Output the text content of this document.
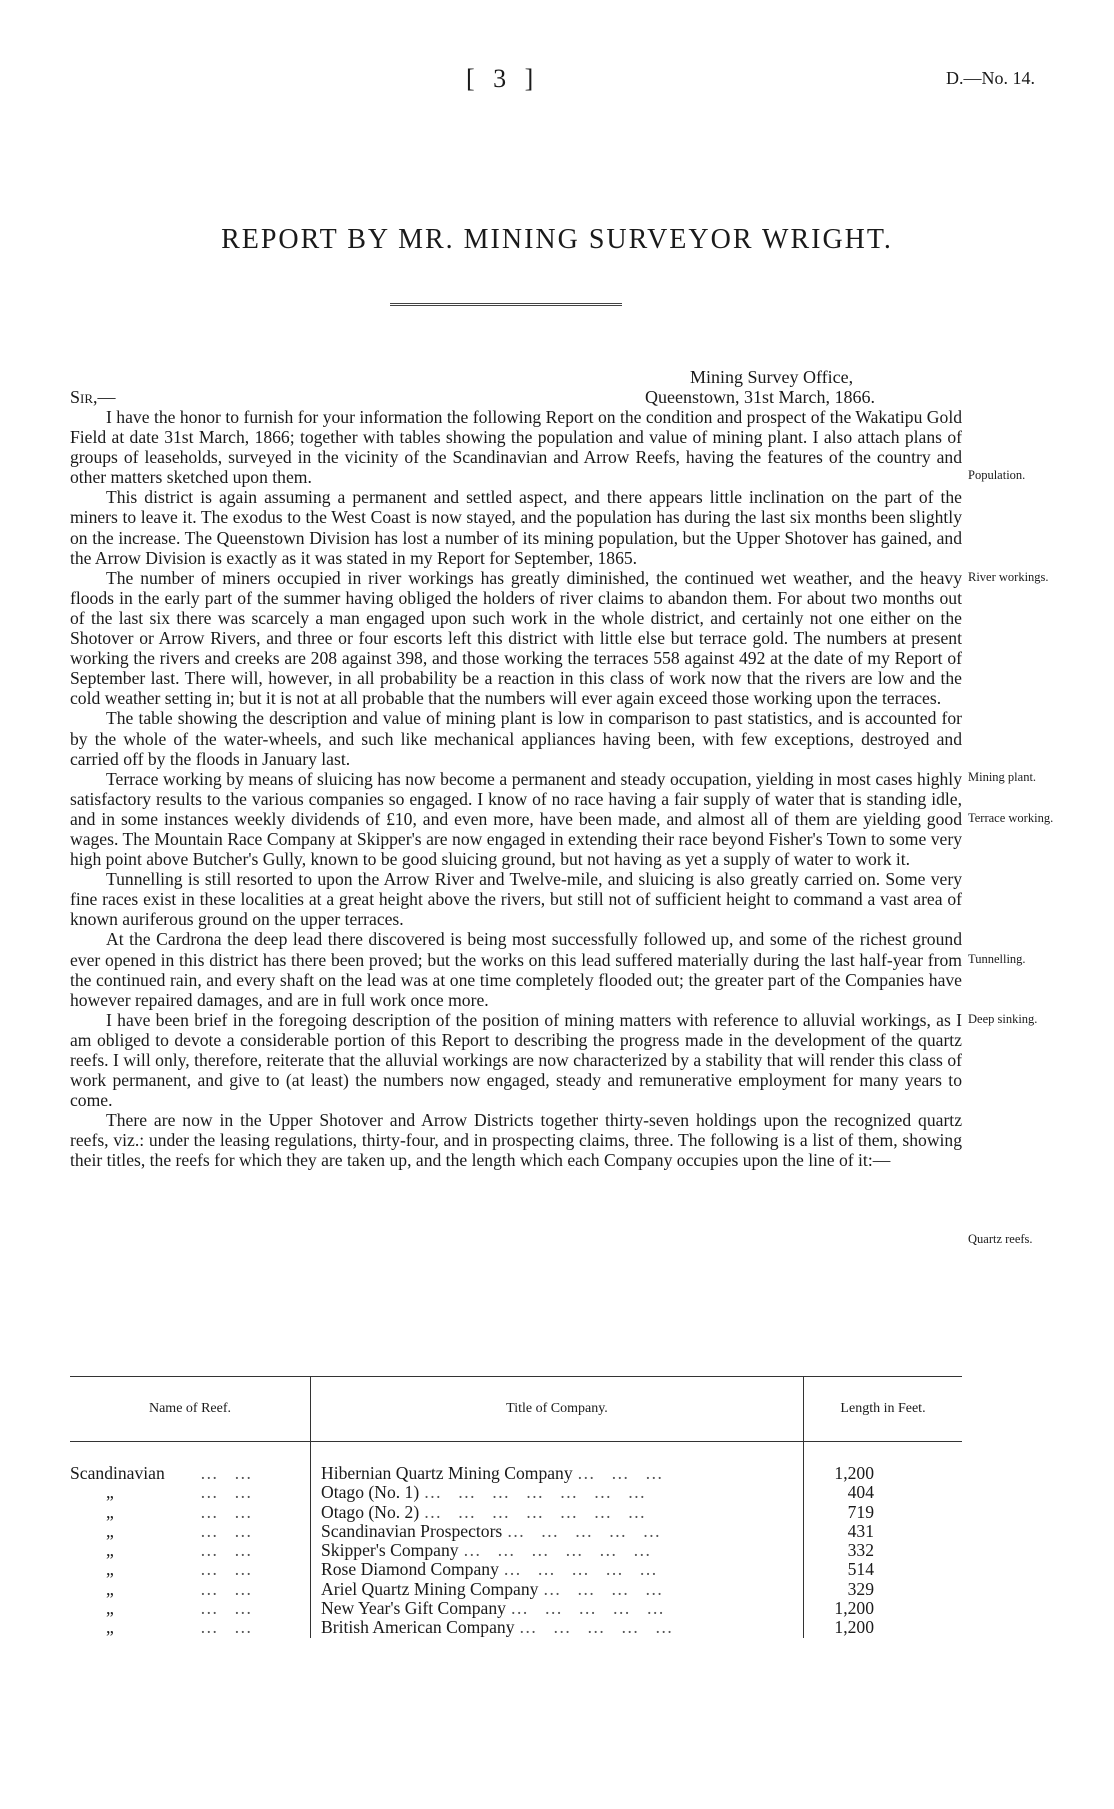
[ 3 ]	D.—No. 14.
REPORT BY MR. MINING SURVEYOR WRIGHT.
Mining Survey Office,
Queenstown, 31st March, 1866.
Sir,—

I have the honor to furnish for your information the following Report on the condition and prospect of the Wakatipu Gold Field at date 31st March, 1866; together with tables showing the population and value of mining plant. I also attach plans of groups of leaseholds, surveyed in the vicinity of the Scandinavian and Arrow Reefs, having the features of the country and other matters sketched upon them.

This district is again assuming a permanent and settled aspect, and there appears little inclination on the part of the miners to leave it. The exodus to the West Coast is now stayed, and the population has during the last six months been slightly on the increase. The Queenstown Division has lost a number of its mining population, but the Upper Shotover has gained, and the Arrow Division is exactly as it was stated in my Report for September, 1865.

The number of miners occupied in river workings has greatly diminished, the continued wet weather, and the heavy floods in the early part of the summer having obliged the holders of river claims to abandon them. For about two months out of the last six there was scarcely a man engaged upon such work in the whole district, and certainly not one either on the Shotover or Arrow Rivers, and three or four escorts left this district with little else but terrace gold. The numbers at present working the rivers and creeks are 208 against 398, and those working the terraces 558 against 492 at the date of my Report of September last. There will, however, in all probability be a reaction in this class of work now that the rivers are low and the cold weather setting in; but it is not at all probable that the numbers will ever again exceed those working upon the terraces.

The table showing the description and value of mining plant is low in comparison to past statistics, and is accounted for by the whole of the water-wheels, and such like mechanical appliances having been, with few exceptions, destroyed and carried off by the floods in January last.

Terrace working by means of sluicing has now become a permanent and steady occupation, yielding in most cases highly satisfactory results to the various companies so engaged. I know of no race having a fair supply of water that is standing idle, and in some instances weekly dividends of £10, and even more, have been made, and almost all of them are yielding good wages. The Mountain Race Company at Skipper's are now engaged in extending their race beyond Fisher's Town to some very high point above Butcher's Gully, known to be good sluicing ground, but not having as yet a supply of water to work it.

Tunnelling is still resorted to upon the Arrow River and Twelve-mile, and sluicing is also greatly carried on. Some very fine races exist in these localities at a great height above the rivers, but still not of sufficient height to command a vast area of known auriferous ground on the upper terraces.

At the Cardrona the deep lead there discovered is being most successfully followed up, and some of the richest ground ever opened in this district has there been proved; but the works on this lead suffered materially during the last half-year from the continued rain, and every shaft on the lead was at one time completely flooded out; the greater part of the Companies have however repaired damages, and are in full work once more.

I have been brief in the foregoing description of the position of mining matters with reference to alluvial workings, as I am obliged to devote a considerable portion of this Report to describing the progress made in the development of the quartz reefs. I will only, therefore, reiterate that the alluvial workings are now characterized by a stability that will render this class of work permanent, and give to (at least) the numbers now engaged, steady and remunerative employment for many years to come.

There are now in the Upper Shotover and Arrow Districts together thirty-seven holdings upon the recognized quartz reefs, viz.: under the leasing regulations, thirty-four, and in prospecting claims, three. The following is a list of them, showing their titles, the reefs for which they are taken up, and the length which each Company occupies upon the line of it:—

Population.
River workings.
Mining plant.
Terrace working.
Tunnelling.
Deep sinking.
Quartz reefs.
Name of Reef.	Title of Company.	Length in Feet.
Scandinavian … …	Hibernian Quartz Mining Company … … …	1,200
„ … …	Otago (No. 1) … … … … … … …	404
„ … …	Otago (No. 2) … … … … … … …	719
„ … …	Scandinavian Prospectors … … … … …	431
„ … …	Skipper's Company … … … … … …	332
„ … …	Rose Diamond Company … … … … …	514
„ … …	Ariel Quartz Mining Company … … … …	329
„ … …	New Year's Gift Company … … … … …	1,200
„ … …	British American Company … … … … …	1,200
